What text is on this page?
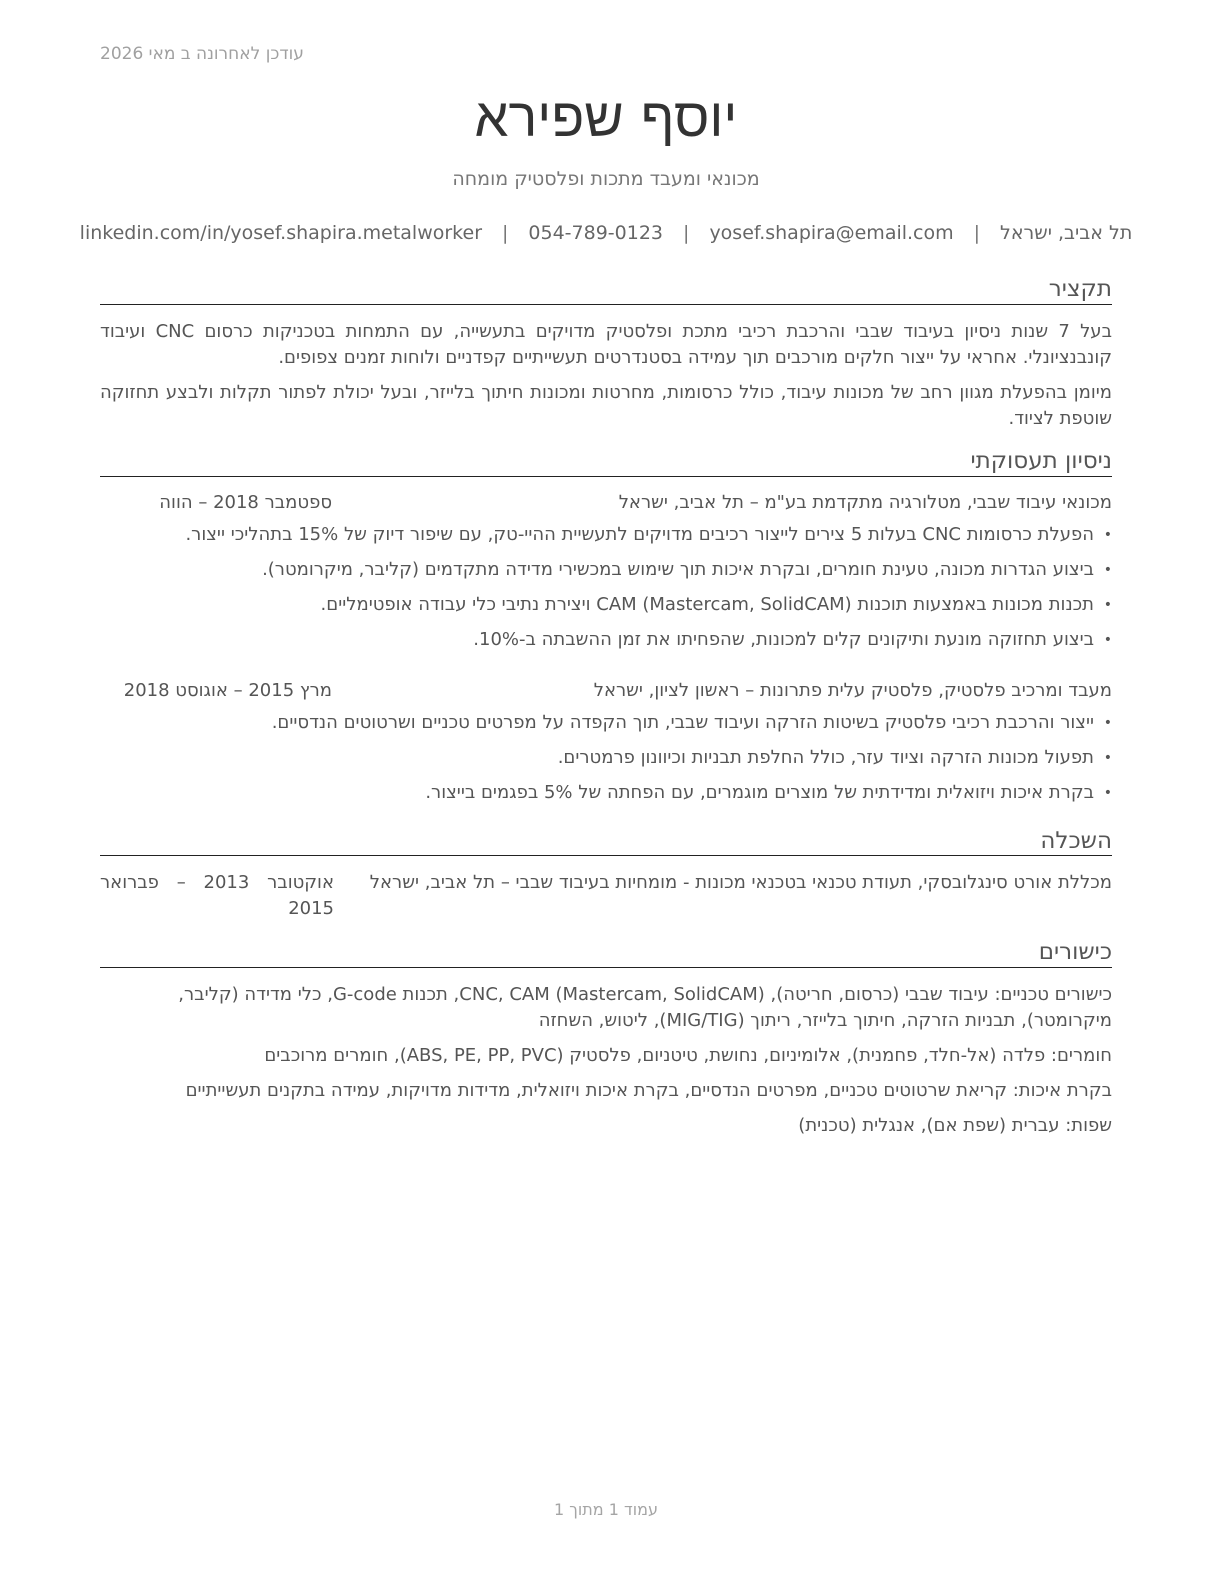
עודכן לאחרונה ב מאי 2026
יוסף שפירא
מכונאי ומעבד מתכות ופלסטיק מומחה
תל אביב, ישראל
|
yosef.shapira@email.com
|
054-789-0123
|
linkedin.com/in/yosef.shapira.metalworker
תקציר
בעל 7 שנות ניסיון בעיבוד שבבי והרכבת רכיבי מתכת ופלסטיק מדויקים בתעשייה, עם התמחות בטכניקות כרסום CNC ועיבוד קונבנציונלי. אחראי על ייצור חלקים מורכבים תוך עמידה בסטנדרטים תעשייתיים קפדניים ולוחות זמנים צפופים.
מיומן בהפעלת מגוון רחב של מכונות עיבוד, כולל כרסומות, מחרטות ומכונות חיתוך בלייזר, ובעל יכולת לפתור תקלות ולבצע תחזוקה שוטפת לציוד.
ניסיון תעסוקתי
מכונאי עיבוד שבבי, מטלורגיה מתקדמת בע"מ – תל אביב, ישראל
ספטמבר 2018 – הווה
• הפעלת כרסומות CNC בעלות 5 צירים לייצור רכיבים מדויקים לתעשיית ההיי-טק, עם שיפור דיוק של 15% בתהליכי ייצור.
• ביצוע הגדרות מכונה, טעינת חומרים, ובקרת איכות תוך שימוש במכשירי מדידה מתקדמים (קליבר, מיקרומטר).
• תכנות מכונות באמצעות תוכנות CAM (Mastercam, SolidCAM) ויצירת נתיבי כלי עבודה אופטימליים.
• ביצוע תחזוקה מונעת ותיקונים קלים למכונות, שהפחיתו את זמן ההשבתה ב-10%.
מעבד ומרכיב פלסטיק, פלסטיק עלית פתרונות – ראשון לציון, ישראל
מרץ 2015 – אוגוסט 2018
• ייצור והרכבת רכיבי פלסטיק בשיטות הזרקה ועיבוד שבבי, תוך הקפדה על מפרטים טכניים ושרטוטים הנדסיים.
• תפעול מכונות הזרקה וציוד עזר, כולל החלפת תבניות וכיוונון פרמטרים.
• בקרת איכות ויזואלית ומדידתית של מוצרים מוגמרים, עם הפחתה של 5% בפגמים בייצור.
השכלה
מכללת אורט סינגלובסקי, תעודת טכנאי בטכנאי מכונות - מומחיות בעיבוד שבבי – תל אביב, ישראל
אוקטובר 2013 – פברואר 2015
כישורים

כישורים טכניים: עיבוד שבבי (כרסום, חריטה), CNC, CAM (Mastercam, SolidCAM), תכנות G-code, כלי מדידה (קליבר, מיקרומטר), תבניות הזרקה, חיתוך בלייזר, ריתוך (MIG/TIG), ליטוש, השחזה

חומרים: פלדה (אל-חלד, פחמנית), אלומיניום, נחושת, טיטניום, פלסטיק (ABS, PE, PP, PVC), חומרים מרוכבים

בקרת איכות: קריאת שרטוטים טכניים, מפרטים הנדסיים, בקרת איכות ויזואלית, מדידות מדויקות, עמידה בתקנים תעשייתיים

שפות: עברית (שפת אם), אנגלית (טכנית)

עמוד 1 מתוך 1
